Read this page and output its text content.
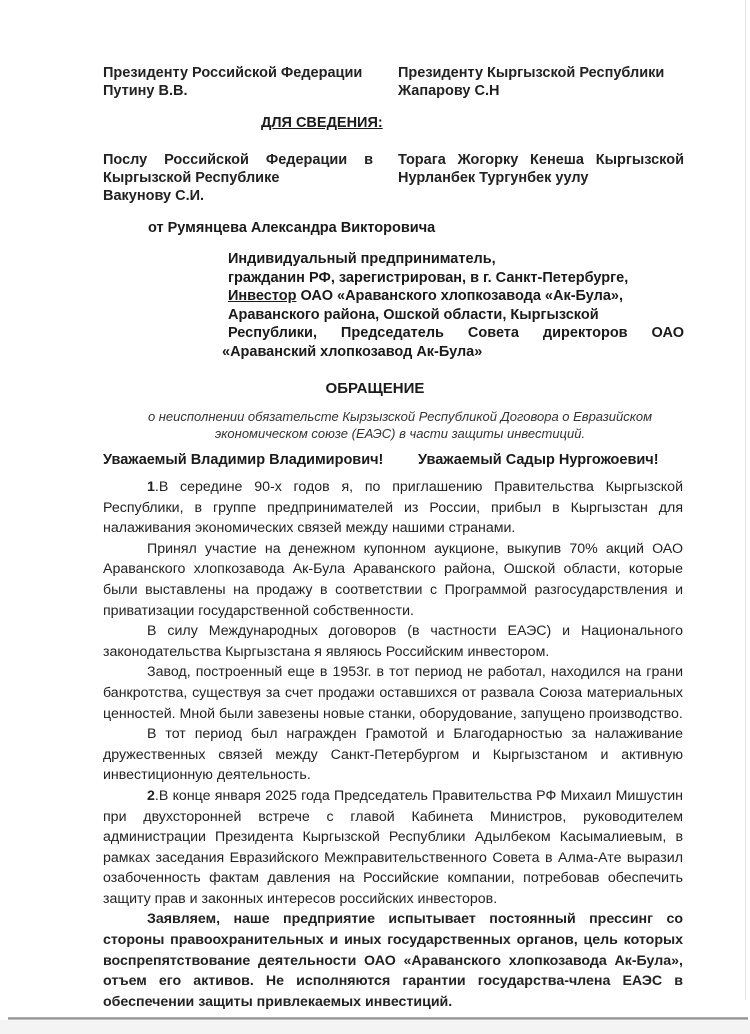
Президенту Российской Федерации
Путину В.В.
Президенту Кыргызской Республики
Жапарову С.Н
ДЛЯ СВЕДЕНИЯ:
Послу Российской Федерации в
Кыргызской Республике
Вакунову С.И.
Торага Жогорку Кенеша Кыргызской
Нурланбек Тургунбек уулу
от Румянцева Александра Викторовича
Индивидуальный предприниматель,
гражданин РФ, зарегистрирован, в г. Санкт-Петербурге,
Инвестор ОАО «Араванского хлопкозавода «Ак-Була»,
Араванского района, Ошской области, Кыргызской
Республики, Председатель Совета директоров ОАО
«Араванский хлопкозавод Ак-Була»
ОБРАЩЕНИЕ
о неисполнении обязательсте Кырзызской Республикой Договора о Евразийском
экономическом союзе (ЕАЭС) в части защиты инвестиций.
Уважаемый Владимир Владимирович! Уважаемый Садыр Нургожоевич!

1.В середине 90-х годов я, по приглашению Правительства Кыргызской Республики, в группе предпринимателей из России, прибыл в Кыргызстан для налаживания экономических связей между нашими странами.

Принял участие на денежном купонном аукционе, выкупив 70% акций ОАО Араванского хлопкозавода Ак-Була Араванского района, Ошской области, которые были выставлены на продажу в соответствии с Программой разгосударствления и приватизации государственной собственности.

В силу Международных договоров (в частности ЕАЭС) и Национального законодательства Кыргызстана я являюсь Российским инвестором.

Завод, построенный еще в 1953г. в тот период не работал, находился на грани банкротства, существуя за счет продажи оставшихся от развала Союза материальных ценностей. Мной были завезены новые станки, оборудование, запущено производство.

В тот период был награжден Грамотой и Благодарностью за налаживание дружественных связей между Санкт-Петербургом и Кыргызстаном и активную инвестиционную деятельность.

2.В конце января 2025 года Председатель Правительства РФ Михаил Мишустин при двухсторонней встрече с главой Кабинета Министров, руководителем администрации Президента Кыргызской Республики Адылбеком Касымалиевым, в рамках заседания Евразийского Межправительственного Совета в Алма-Ате выразил озабоченность фактам давления на Российские компании, потребовав обеспечить защиту прав и законных интересов российских инвесторов.

Заявляем, наше предприятие испытывает постоянный прессинг со стороны правоохранительных и иных государственных органов, цель которых воспрепятствование деятельности ОАО «Араванского хлопкозавода Ак-Була», отъем его активов. Не исполняются гарантии государства-члена ЕАЭС в обеспечении защиты привлекаемых инвестиций.
